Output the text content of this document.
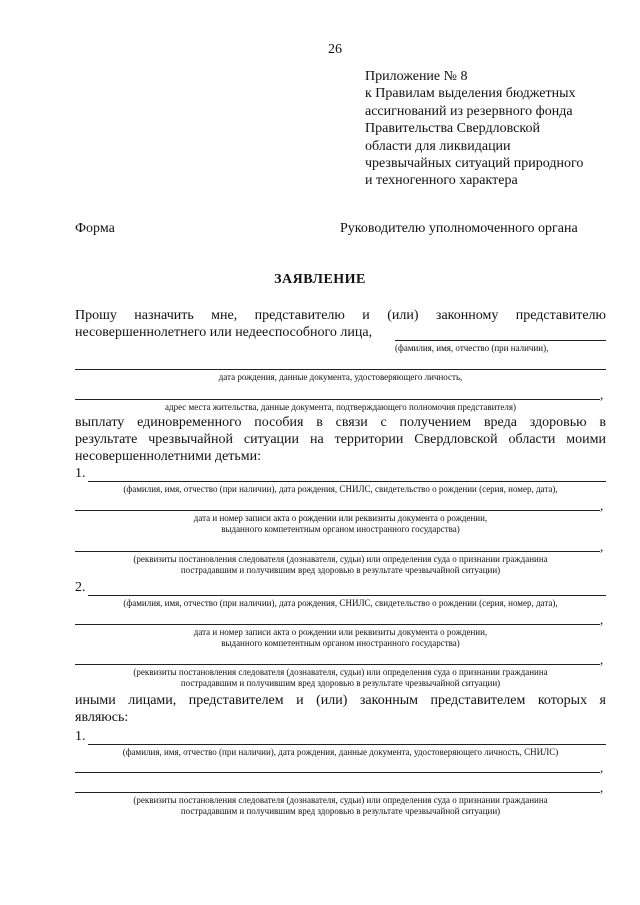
26
Приложение № 8
к Правилам выделения бюджетных
ассигнований из резервного фонда
Правительства Свердловской
области для ликвидации
чрезвычайных ситуаций природного
и техногенного характера
Форма	Руководителю уполномоченного органа
ЗАЯВЛЕНИЕ
Прошу назначить мне, представителю и (или) законному представителю
несовершеннолетнего или недееспособного лица,
(фамилия, имя, отчество (при наличии),
дата рождения, данные документа, удостоверяющего личность,
,
адрес места жительства, данные документа, подтверждающего полномочия представителя)
выплату единовременного пособия в связи с получением вреда здоровью в
результате чрезвычайной ситуации на территории Свердловской области моими
несовершеннолетними детьми:
1.
(фамилия, имя, отчество (при наличии), дата рождения, СНИЛС, свидетельство о рождении (серия, номер, дата),
,
дата и номер записи акта о рождении или реквизиты документа о рождении,
выданного компетентным органом иностранного государства)
,
(реквизиты постановления следователя (дознавателя, судьи) или определения суда о признании гражданина
пострадавшим и получившим вред здоровью в результате чрезвычайной ситуации)
2.
(фамилия, имя, отчество (при наличии), дата рождения, СНИЛС, свидетельство о рождении (серия, номер, дата),
,
дата и номер записи акта о рождении или реквизиты документа о рождении,
выданного компетентным органом иностранного государства)
,
(реквизиты постановления следователя (дознавателя, судьи) или определения суда о признании гражданина
пострадавшим и получившим вред здоровью в результате чрезвычайной ситуации)
иными лицами, представителем и (или) законным представителем которых я
являюсь:
1.
(фамилия, имя, отчество (при наличии), дата рождения, данные документа, удостоверяющего личность, СНИЛС)
,
,
(реквизиты постановления следователя (дознавателя, судьи) или определения суда о признании гражданина
пострадавшим и получившим вред здоровью в результате чрезвычайной ситуации)
